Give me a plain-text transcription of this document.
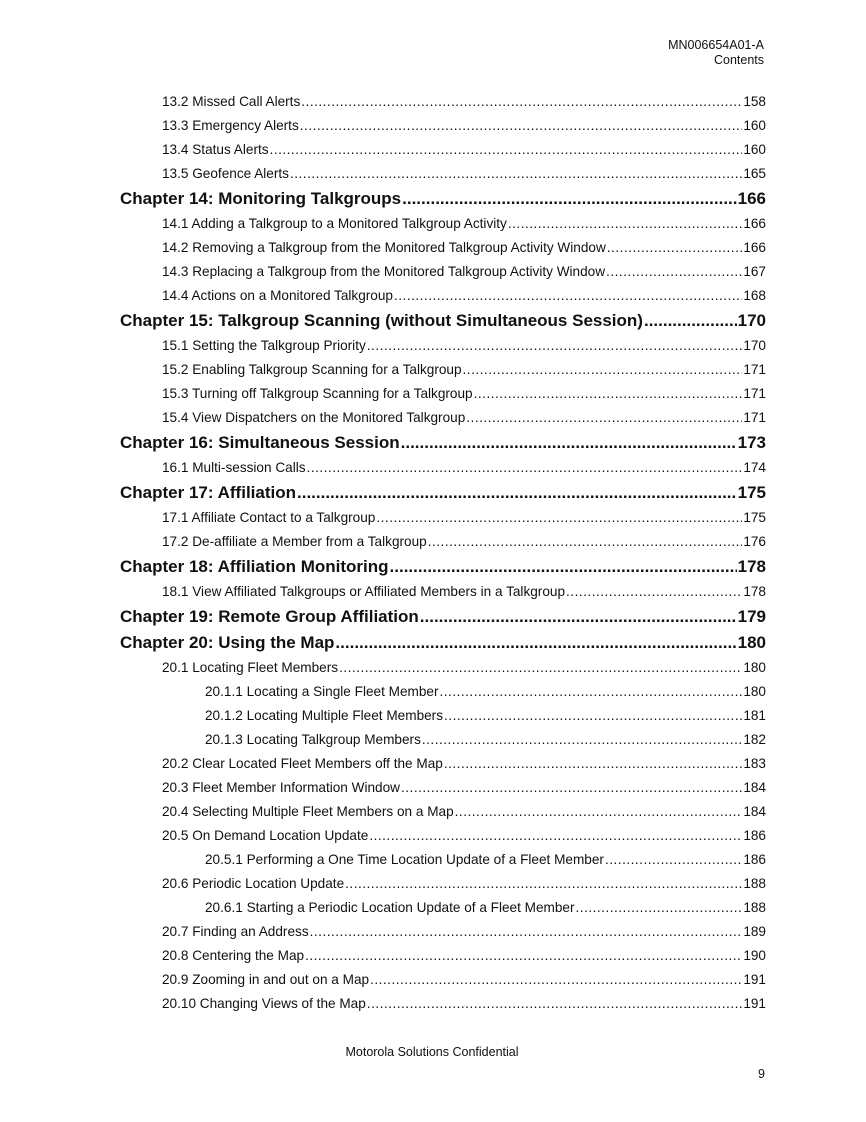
MN006654A01-A
Contents
13.2 Missed Call Alerts .....	158
13.3 Emergency Alerts .....	160
13.4 Status Alerts .....	160
13.5 Geofence Alerts .....	165
Chapter 14: Monitoring Talkgroups .....	166
14.1 Adding a Talkgroup to a Monitored Talkgroup Activity .....	166
14.2 Removing a Talkgroup from the Monitored Talkgroup Activity Window .....	166
14.3 Replacing a Talkgroup from the Monitored Talkgroup Activity Window .....	167
14.4 Actions on a Monitored Talkgroup .....	168
Chapter 15: Talkgroup Scanning (without Simultaneous Session) .....	170
15.1 Setting the Talkgroup Priority .....	170
15.2 Enabling Talkgroup Scanning for a Talkgroup .....	171
15.3 Turning off Talkgroup Scanning for a Talkgroup .....	171
15.4 View Dispatchers on the Monitored Talkgroup .....	171
Chapter 16: Simultaneous Session .....	173
16.1 Multi-session Calls .....	174
Chapter 17: Affiliation .....	175
17.1 Affiliate Contact to a Talkgroup .....	175
17.2 De-affiliate a Member from a Talkgroup .....	176
Chapter 18: Affiliation Monitoring .....	178
18.1 View Affiliated Talkgroups or Affiliated Members in a Talkgroup .....	178
Chapter 19: Remote Group Affiliation .....	179
Chapter 20: Using the Map .....	180
20.1 Locating Fleet Members .....	180
20.1.1 Locating a Single Fleet Member .....	180
20.1.2 Locating Multiple Fleet Members .....	181
20.1.3 Locating Talkgroup Members .....	182
20.2 Clear Located Fleet Members off the Map .....	183
20.3 Fleet Member Information Window .....	184
20.4 Selecting Multiple Fleet Members on a Map .....	184
20.5 On Demand Location Update .....	186
20.5.1 Performing a One Time Location Update of a Fleet Member .....	186
20.6 Periodic Location Update .....	188
20.6.1 Starting a Periodic Location Update of a Fleet Member .....	188
20.7 Finding an Address .....	189
20.8 Centering the Map .....	190
20.9 Zooming in and out on a Map .....	191
20.10 Changing Views of the Map .....	191
Motorola Solutions Confidential
9
